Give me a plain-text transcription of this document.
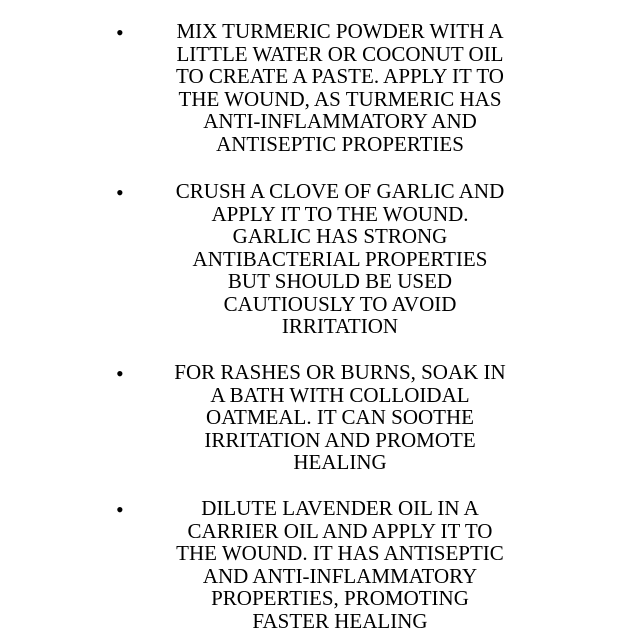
•	MIX TURMERIC POWDER WITH A
LITTLE WATER OR COCONUT OIL
TO CREATE A PASTE. APPLY IT TO
THE WOUND, AS TURMERIC HAS
ANTI-INFLAMMATORY AND
ANTISEPTIC PROPERTIES
•	CRUSH A CLOVE OF GARLIC AND
APPLY IT TO THE WOUND.
GARLIC HAS STRONG
ANTIBACTERIAL PROPERTIES
BUT SHOULD BE USED
CAUTIOUSLY TO AVOID
IRRITATION
•	FOR RASHES OR BURNS, SOAK IN
A BATH WITH COLLOIDAL
OATMEAL. IT CAN SOOTHE
IRRITATION AND PROMOTE
HEALING
•	DILUTE LAVENDER OIL IN A
CARRIER OIL AND APPLY IT TO
THE WOUND. IT HAS ANTISEPTIC
AND ANTI-INFLAMMATORY
PROPERTIES, PROMOTING
FASTER HEALING
